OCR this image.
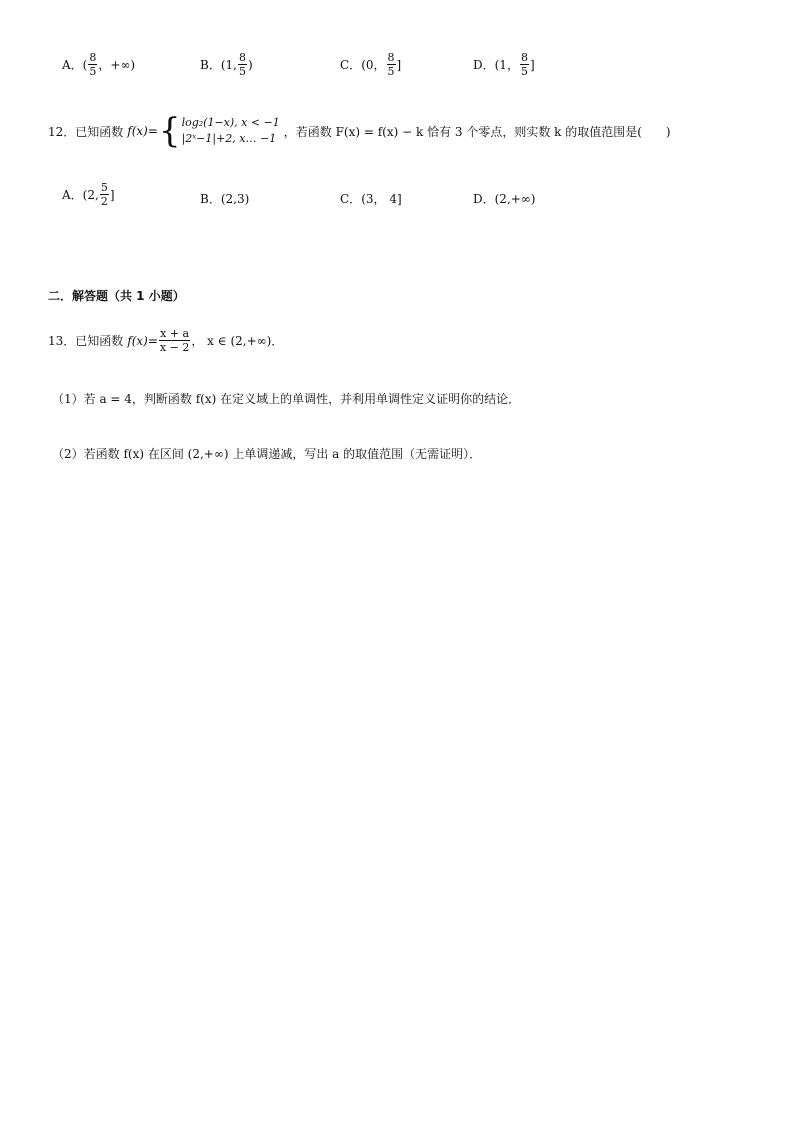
A． ( $\frac{8}{5}$ ，+∞)	B． (1, $\frac{8}{5}$ )	C． (0， $\frac{8}{5}$ ]	D． (1， $\frac{8}{5}$ ]
12．已知函数 f(x)= { log₂(1−x), x < −1
|2ˣ−1|+2, x… −1 ，若函数 F(x) = f(x) − k 恰有 3 个零点，则实数 k 的取值范围是(　　)
A． (2, $\frac{5}{2}$ ]	B． (2,3)	C． (3， 4]	D． (2,+∞)
二．解答题（共 1 小题）
13．已知函数 $f(x)= \frac{x + a}{x - 2}$ ， x ∈ (2,+∞)．
（1）若 a = 4，判断函数 f(x) 在定义域上的单调性，并利用单调性定义证明你的结论．
（2）若函数 f(x) 在区间 (2,+∞) 上单调递减，写出 a 的取值范围（无需证明）．
